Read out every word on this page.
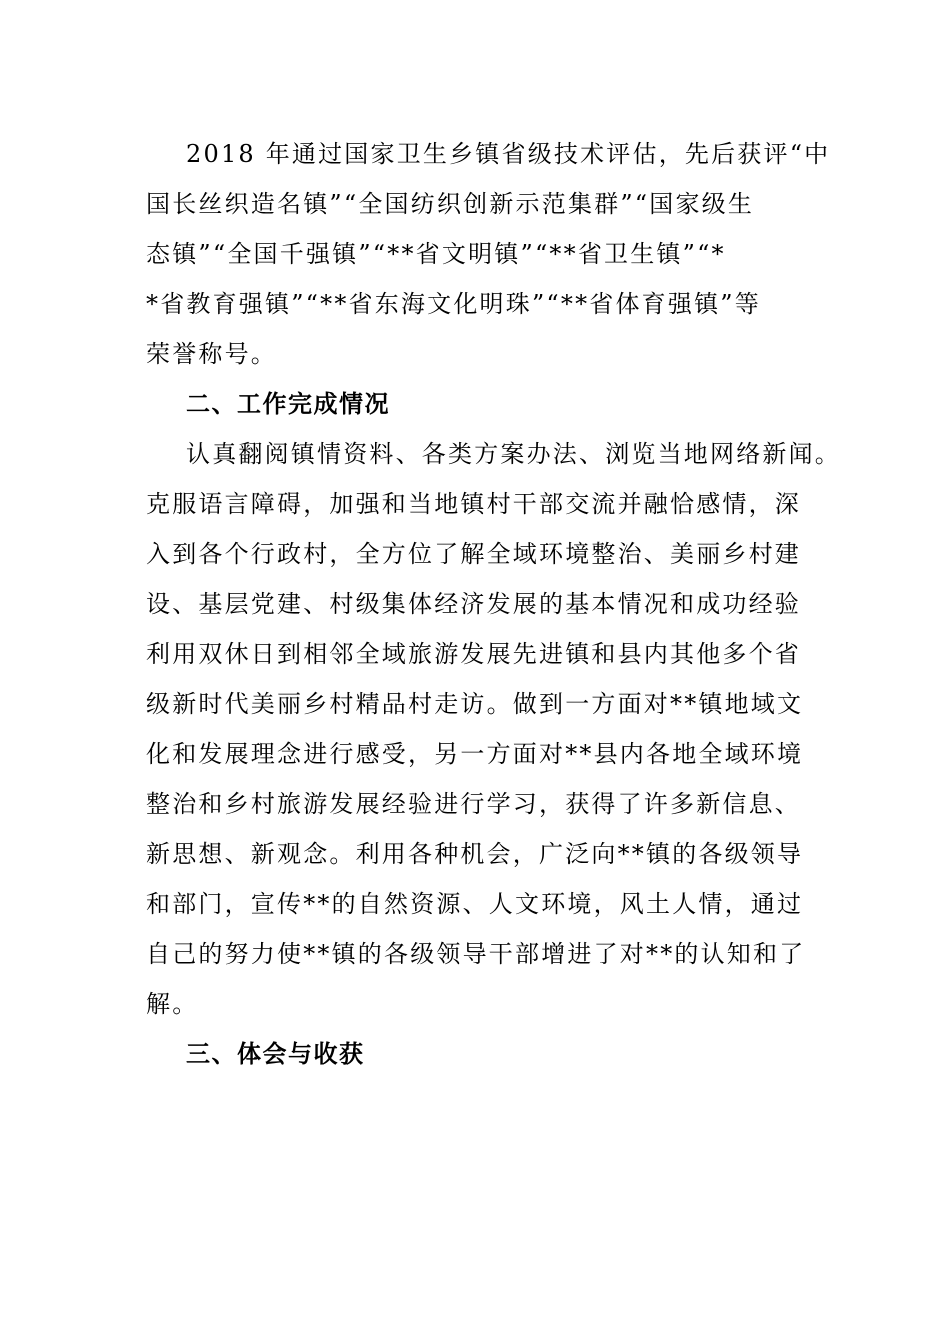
2018 年通过国家卫生乡镇省级技术评估，先后获评“中
国长丝织造名镇”“全国纺织创新示范集群”“国家级生
态镇”“全国千强镇”“**省文明镇”“**省卫生镇”“*
*省教育强镇”“**省东海文化明珠”“**省体育强镇”等
荣誉称号。
二、工作完成情况
认真翻阅镇情资料、各类方案办法、浏览当地网络新闻。
克服语言障碍，加强和当地镇村干部交流并融恰感情，深
入到各个行政村，全方位了解全域环境整治、美丽乡村建
设、基层党建、村级集体经济发展的基本情况和成功经验
利用双休日到相邻全域旅游发展先进镇和县内其他多个省
级新时代美丽乡村精品村走访。做到一方面对**镇地域文
化和发展理念进行感受，另一方面对**县内各地全域环境
整治和乡村旅游发展经验进行学习，获得了许多新信息、
新思想、新观念。利用各种机会，广泛向**镇的各级领导
和部门，宣传**的自然资源、人文环境，风土人情，通过
自己的努力使**镇的各级领导干部增进了对**的认知和了
解。
三、体会与收获
